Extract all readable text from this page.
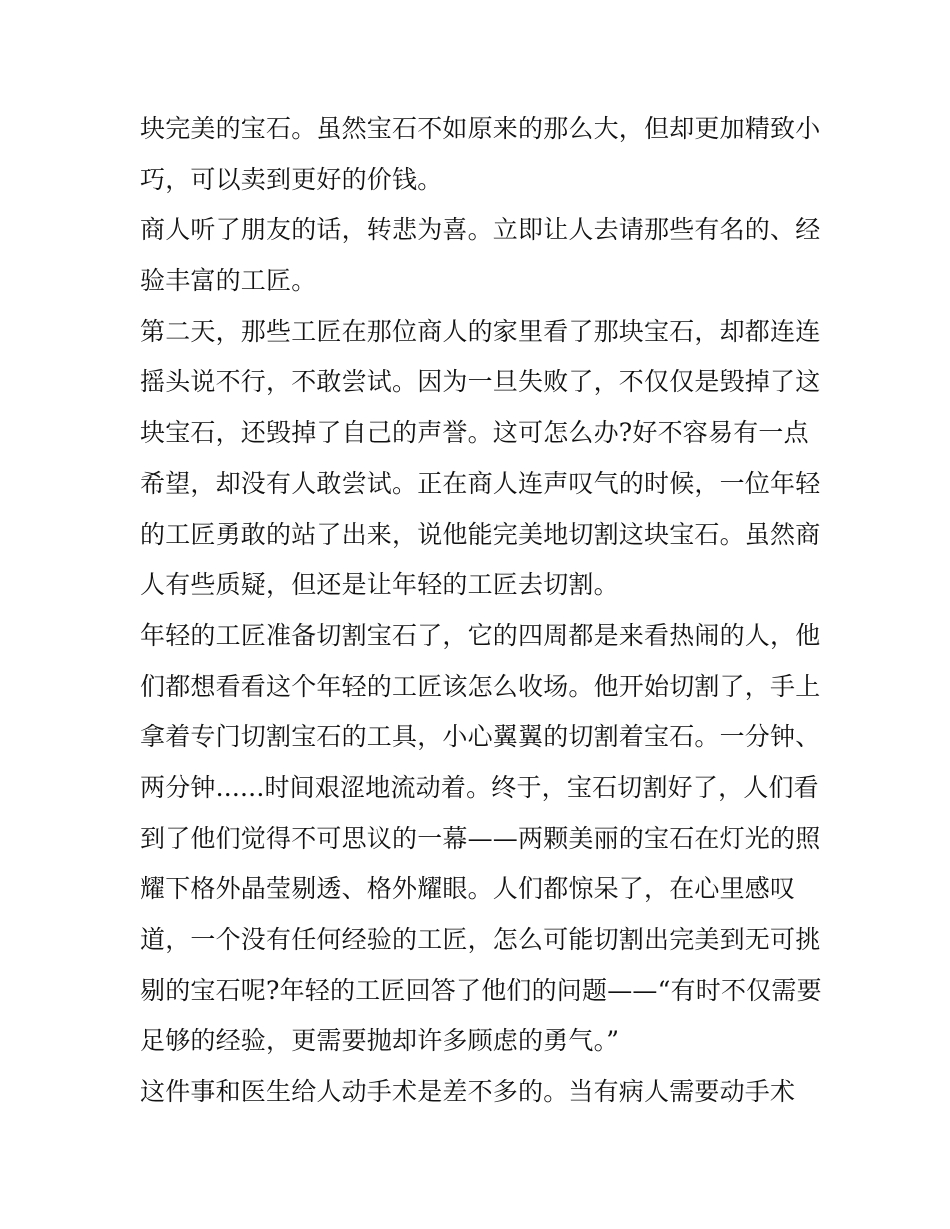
块完美的宝石。虽然宝石不如原来的那么大，但却更加精致小
巧，可以卖到更好的价钱。
商人听了朋友的话，转悲为喜。立即让人去请那些有名的、经
验丰富的工匠。
第二天，那些工匠在那位商人的家里看了那块宝石，却都连连
摇头说不行，不敢尝试。因为一旦失败了，不仅仅是毁掉了这
块宝石，还毁掉了自己的声誉。这可怎么办?好不容易有一点
希望，却没有人敢尝试。正在商人连声叹气的时候，一位年轻
的工匠勇敢的站了出来，说他能完美地切割这块宝石。虽然商
人有些质疑，但还是让年轻的工匠去切割。
年轻的工匠准备切割宝石了，它的四周都是来看热闹的人，他
们都想看看这个年轻的工匠该怎么收场。他开始切割了，手上
拿着专门切割宝石的工具，小心翼翼的切割着宝石。一分钟、
两分钟......时间艰涩地流动着。终于，宝石切割好了，人们看
到了他们觉得不可思议的一幕——两颗美丽的宝石在灯光的照
耀下格外晶莹剔透、格外耀眼。人们都惊呆了，在心里感叹
道，一个没有任何经验的工匠，怎么可能切割出完美到无可挑
剔的宝石呢?年轻的工匠回答了他们的问题——“有时不仅需要
足够的经验，更需要抛却许多顾虑的勇气。”
这件事和医生给人动手术是差不多的。当有病人需要动手术
